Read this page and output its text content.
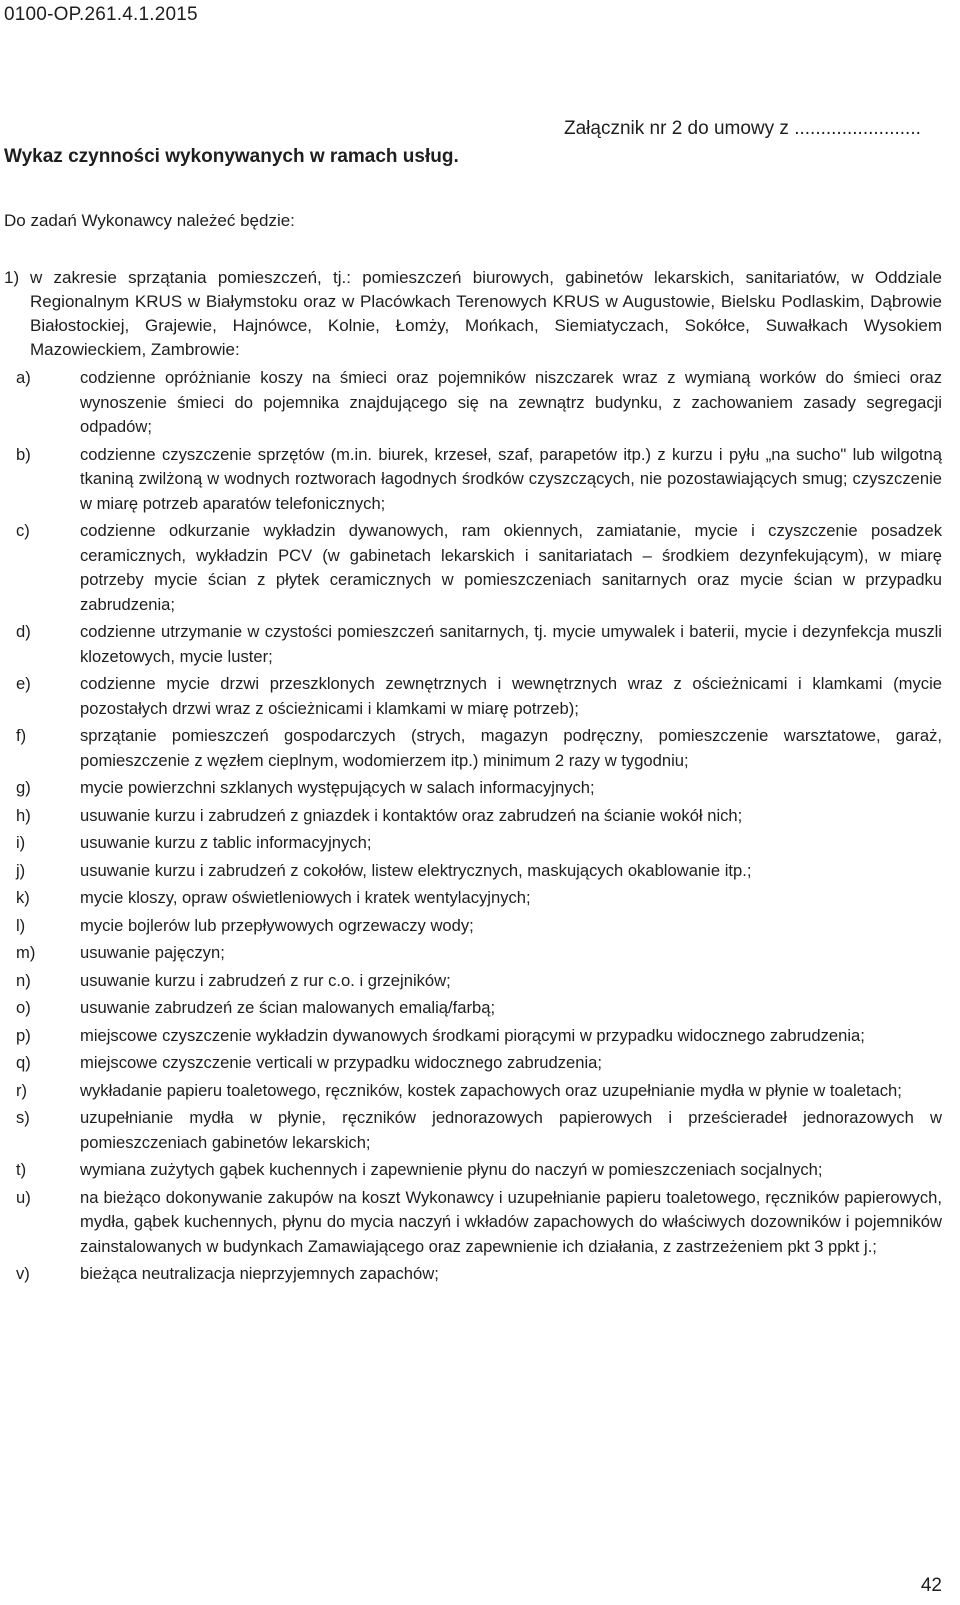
0100-OP.261.4.1.2015
Załącznik nr 2 do umowy z ........................
Wykaz czynności wykonywanych w ramach usług.
Do zadań Wykonawcy należeć będzie:
1) w zakresie sprzątania pomieszczeń, tj.: pomieszczeń biurowych, gabinetów lekarskich, sanitariatów, w Oddziale Regionalnym KRUS w Białymstoku oraz w Placówkach Terenowych KRUS w Augustowie, Bielsku Podlaskim, Dąbrowie Białostockiej, Grajewie, Hajnówce, Kolnie, Łomży, Mońkach, Siemiatyczach, Sokółce, Suwałkach Wysokiem Mazowieckiem, Zambrowie:
a)	codzienne opróżnianie koszy na śmieci oraz pojemników niszczarek wraz z wymianą worków do śmieci oraz wynoszenie śmieci do pojemnika znajdującego się na zewnątrz budynku, z zachowaniem zasady segregacji odpadów;
b)	codzienne czyszczenie sprzętów (m.in. biurek, krzeseł, szaf, parapetów itp.) z kurzu i pyłu „na sucho" lub wilgotną tkaniną zwilżoną w wodnych roztworach łagodnych środków czyszczących, nie pozostawiających smug; czyszczenie w miarę potrzeb aparatów telefonicznych;
c)	codzienne odkurzanie wykładzin dywanowych, ram okiennych, zamiatanie, mycie i czyszczenie posadzek ceramicznych, wykładzin PCV (w gabinetach lekarskich i sanitariatach – środkiem dezynfekującym), w miarę potrzeby mycie ścian z płytek ceramicznych w pomieszczeniach sanitarnych oraz mycie ścian w przypadku zabrudzenia;
d)	codzienne utrzymanie w czystości pomieszczeń sanitarnych, tj. mycie umywalek i baterii, mycie i dezynfekcja muszli klozetowych, mycie luster;
e)	codzienne mycie drzwi przeszklonych zewnętrznych i wewnętrznych wraz z ościeżnicami i klamkami (mycie pozostałych drzwi wraz z ościeżnicami i klamkami w miarę potrzeb);
f)	sprzątanie pomieszczeń gospodarczych (strych, magazyn podręczny, pomieszczenie warsztatowe, garaż, pomieszczenie z węzłem cieplnym, wodomierzem itp.) minimum 2 razy w tygodniu;
g)	mycie powierzchni szklanych występujących w salach informacyjnych;
h)	usuwanie kurzu i zabrudzeń z gniazdek i kontaktów oraz zabrudzeń na ścianie wokół nich;
i)	usuwanie kurzu z tablic informacyjnych;
j)	usuwanie kurzu i zabrudzeń z cokołów, listew elektrycznych, maskujących okablowanie itp.;
k)	mycie kloszy, opraw oświetleniowych i kratek wentylacyjnych;
l)	mycie bojlerów lub przepływowych ogrzewaczy wody;
m)	usuwanie pajęczyn;
n)	usuwanie kurzu i zabrudzeń z rur c.o. i grzejników;
o)	usuwanie zabrudzeń ze ścian malowanych emalią/farbą;
p)	miejscowe czyszczenie wykładzin dywanowych środkami piorącymi w przypadku widocznego zabrudzenia;
q)	miejscowe czyszczenie verticali w przypadku widocznego zabrudzenia;
r)	wykładanie papieru toaletowego, ręczników, kostek zapachowych oraz uzupełnianie mydła w płynie w toaletach;
s)	uzupełnianie mydła w płynie, ręczników jednorazowych papierowych i prześcieradeł jednorazowych w pomieszczeniach gabinetów lekarskich;
t)	wymiana zużytych gąbek kuchennych i zapewnienie płynu do naczyń w pomieszczeniach socjalnych;
u)	na bieżąco dokonywanie zakupów na koszt Wykonawcy i uzupełnianie papieru toaletowego, ręczników papierowych, mydła, gąbek kuchennych, płynu do mycia naczyń i wkładów zapachowych do właściwych dozowników i pojemników zainstalowanych w budynkach Zamawiającego oraz zapewnienie ich działania, z zastrzeżeniem pkt 3 ppkt j.;
v)	bieżąca neutralizacja nieprzyjemnych zapachów;
42
